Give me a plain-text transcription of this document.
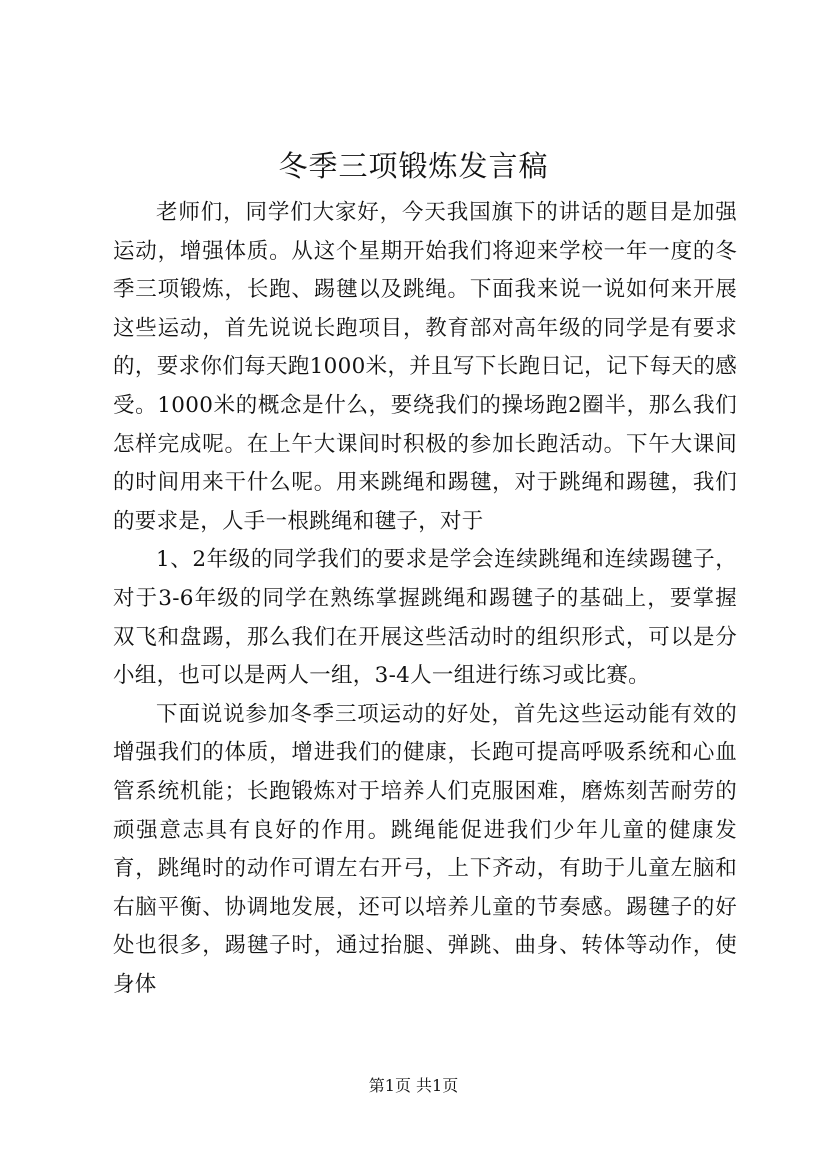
冬季三项锻炼发言稿

老师们，同学们大家好，今天我国旗下的讲话的题目是加强运动，增强体质。从这个星期开始我们将迎来学校一年一度的冬季三项锻炼，长跑、踢毽以及跳绳。下面我来说一说如何来开展这些运动，首先说说长跑项目，教育部对高年级的同学是有要求的，要求你们每天跑1000米，并且写下长跑日记，记下每天的感受。1000米的概念是什么，要绕我们的操场跑2圈半，那么我们怎样完成呢。在上午大课间时积极的参加长跑活动。下午大课间的时间用来干什么呢。用来跳绳和踢毽，对于跳绳和踢毽，我们的要求是，人手一根跳绳和毽子，对于

1、2年级的同学我们的要求是学会连续跳绳和连续踢毽子，对于3-6年级的同学在熟练掌握跳绳和踢毽子的基础上，要掌握双飞和盘踢，那么我们在开展这些活动时的组织形式，可以是分小组，也可以是两人一组，3-4人一组进行练习或比赛。

下面说说参加冬季三项运动的好处，首先这些运动能有效的增强我们的体质，增进我们的健康，长跑可提高呼吸系统和心血管系统机能；长跑锻炼对于培养人们克服困难，磨炼刻苦耐劳的顽强意志具有良好的作用。跳绳能促进我们少年儿童的健康发育，跳绳时的动作可谓左右开弓，上下齐动，有助于儿童左脑和右脑平衡、协调地发展，还可以培养儿童的节奏感。踢毽子的好处也很多，踢毽子时，通过抬腿、弹跳、曲身、转体等动作，使身体

第1页 共1页
